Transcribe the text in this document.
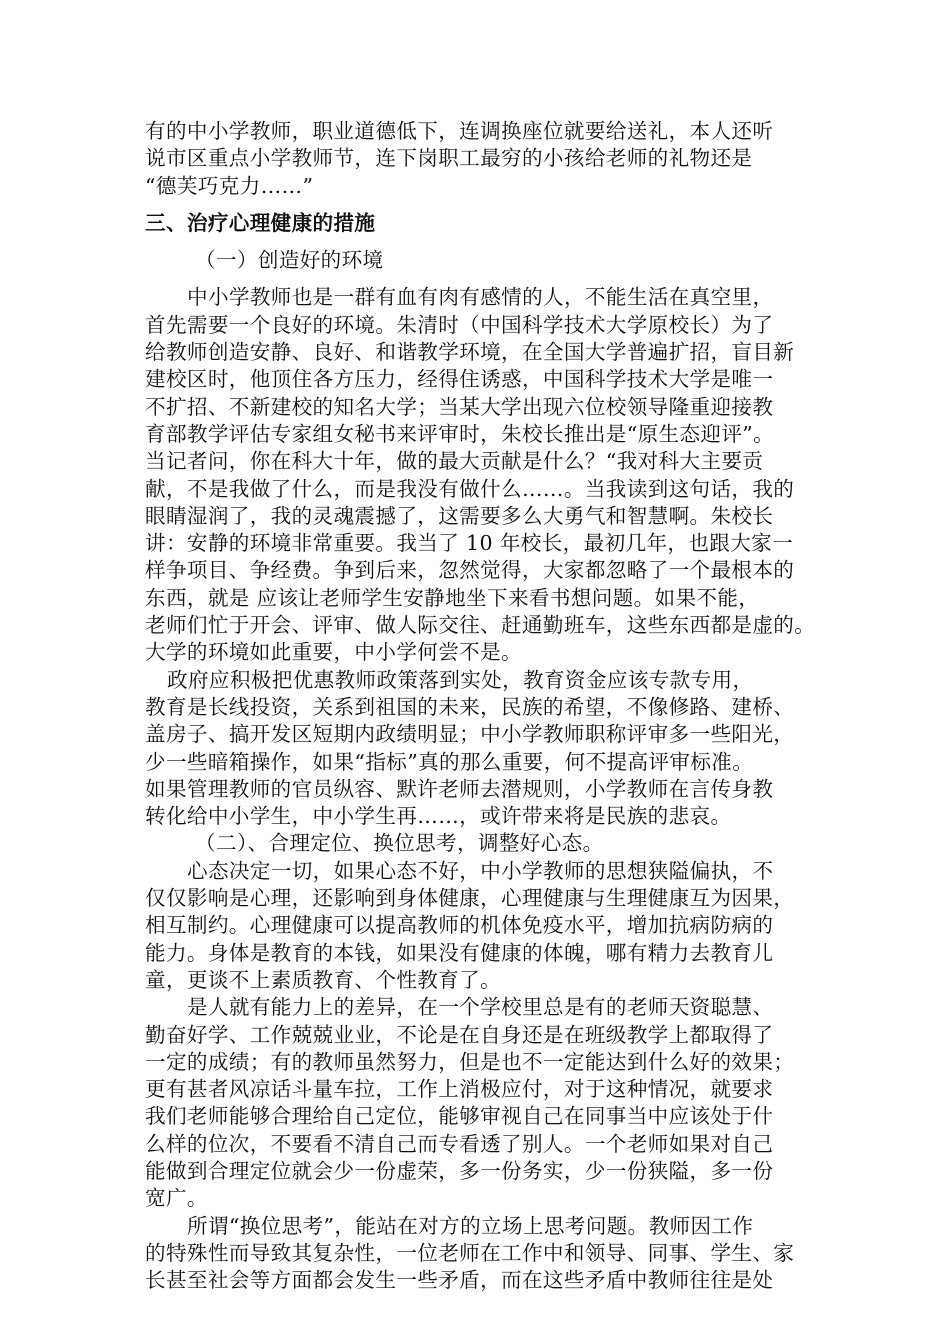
有的中小学教师，职业道德低下，连调换座位就要给送礼，本人还听
说市区重点小学教师节，连下岗职工最穷的小孩给老师的礼物还是
“德芙巧克力……”
三、治疗心理健康的措施
（一）创造好的环境
中小学教师也是一群有血有肉有感情的人，不能生活在真空里，
首先需要一个良好的环境。朱清时（中国科学技术大学原校长）为了
给教师创造安静、良好、和谐教学环境，在全国大学普遍扩招，盲目新
建校区时，他顶住各方压力，经得住诱惑，中国科学技术大学是唯一
不扩招、不新建校的知名大学；当某大学出现六位校领导隆重迎接教
育部教学评估专家组女秘书来评审时，朱校长推出是“原生态迎评”。
当记者问，你在科大十年，做的最大贡献是什么？“我对科大主要贡
献，不是我做了什么，而是我没有做什么……。当我读到这句话，我的
眼睛湿润了，我的灵魂震撼了，这需要多么大勇气和智慧啊。朱校长
讲：安静的环境非常重要。我当了 10 年校长，最初几年，也跟大家一
样争项目、争经费。争到后来，忽然觉得，大家都忽略了一个最根本的
东西，就是 应该让老师学生安静地坐下来看书想问题。如果不能，
老师们忙于开会、评审、做人际交往、赶通勤班车，这些东西都是虚的。
大学的环境如此重要，中小学何尝不是。
政府应积极把优惠教师政策落到实处，教育资金应该专款专用，
教育是长线投资，关系到祖国的未来，民族的希望，不像修路、建桥、
盖房子、搞开发区短期内政绩明显；中小学教师职称评审多一些阳光，
少一些暗箱操作，如果“指标”真的那么重要，何不提高评审标准。
如果管理教师的官员纵容、默许老师去潜规则，小学教师在言传身教
转化给中小学生，中小学生再……，或许带来将是民族的悲哀。
（二）、合理定位、换位思考，调整好心态。
心态决定一切，如果心态不好，中小学教师的思想狭隘偏执，不
仅仅影响是心理，还影响到身体健康，心理健康与生理健康互为因果，
相互制约。心理健康可以提高教师的机体免疫水平，增加抗病防病的
能力。身体是教育的本钱，如果没有健康的体魄，哪有精力去教育儿
童，更谈不上素质教育、个性教育了。
是人就有能力上的差异，在一个学校里总是有的老师天资聪慧、
勤奋好学、工作兢兢业业，不论是在自身还是在班级教学上都取得了
一定的成绩；有的教师虽然努力，但是也不一定能达到什么好的效果；
更有甚者风凉话斗量车拉，工作上消极应付，对于这种情况，就要求
我们老师能够合理给自己定位，能够审视自己在同事当中应该处于什
么样的位次，不要看不清自己而专看透了别人。一个老师如果对自己
能做到合理定位就会少一份虚荣，多一份务实，少一份狭隘，多一份
宽广。
所谓“换位思考”，能站在对方的立场上思考问题。教师因工作
的特殊性而导致其复杂性，一位老师在工作中和领导、同事、学生、家
长甚至社会等方面都会发生一些矛盾，而在这些矛盾中教师往往是处
